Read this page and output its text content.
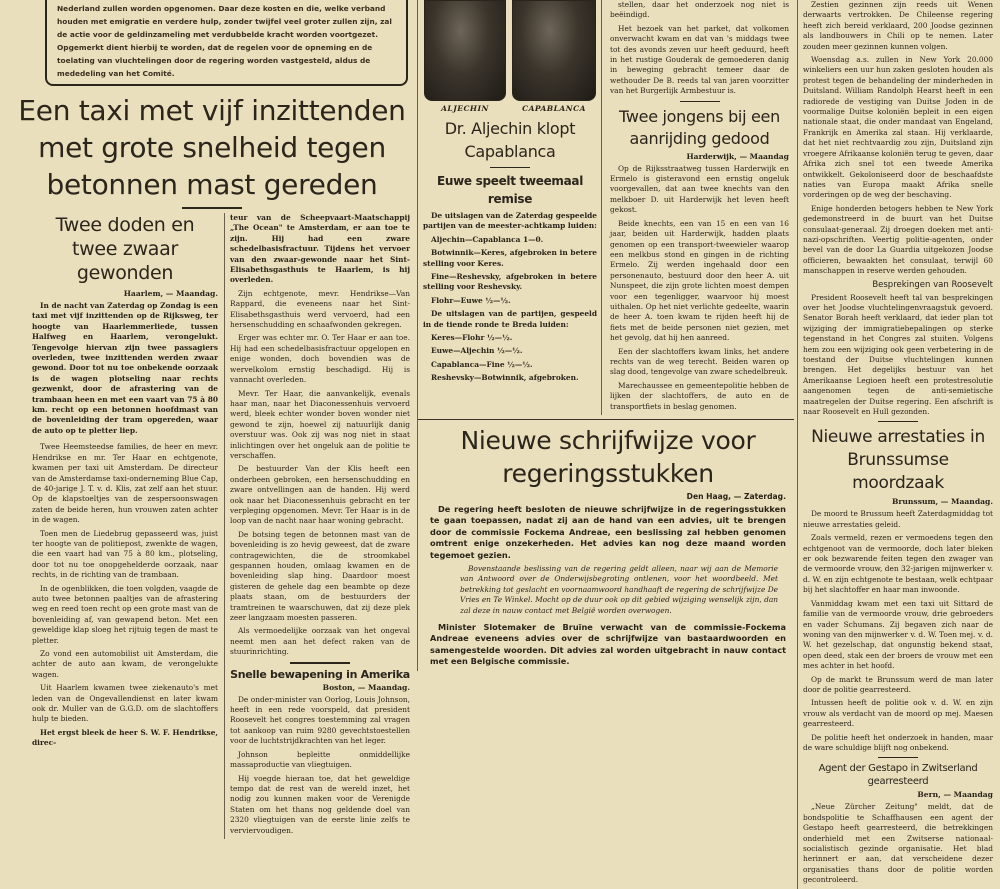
Nederland zullen worden opgenomen. Daar deze kosten en die, welke verband houden met emigratie en verdere hulp, zonder twijfel veel groter zullen zijn, zal de actie voor de geldinzameling met verdubbelde kracht worden voortgezet. Opgemerkt dient hierbij te worden, dat de regelen voor de opneming en de toelating van vluchtelingen door de regering worden vastgesteld, aldus de mededeling van het Comité.

Een taxi met vijf inzittenden met grote snelheid tegen betonnen mast gereden
Twee doden en twee zwaar gewonden
Haarlem, — Maandag.

In de nacht van Zaterdag op Zondag is een taxi met vijf inzittenden op de Rijksweg, ter hoogte van Haarlemmerliede, tussen Halfweg en Haarlem, verongelukt. Tengevolge hiervan zijn twee passagiers overleden, twee inzittenden werden zwaar gewond. Door tot nu toe onbekende oorzaak is de wagen plotseling naar rechts gezwenkt, door de afrastering van de trambaan heen en met een vaart van 75 à 80 km. recht op een betonnen hoofdmast van de bovenleiding der tram opgereden, waar de auto op te pletter liep.

Twee Heemsteedse families, de heer en mevr. Hendrikse en mr. Ter Haar en echtgenote, kwamen per taxi uit Amsterdam. De directeur van de Amsterdamse taxi-onderneming Blue Cap, de 40-jarige J. T. v. d. Klis, zat zelf aan het stuur. Op de klapstoeltjes van de zespersoonswagen zaten de beide heren, hun vrouwen zaten achter in de wagen.

Toen men de Liedebrug gepasseerd was, juist ter hoogte van de politiepost, zwenkte de wagen, die een vaart had van 75 à 80 km., plotseling, door tot nu toe onopgehelderde oorzaak, naar rechts, in de richting van de trambaan.

In de ogenblikken, die toen volgden, vaagde de auto twee betonnen paaltjes van de afrastering weg en reed toen recht op een grote mast van de bovenleiding af, van gewapend beton. Met een geweldige klap sloeg het rijtuig tegen de mast te pletter.

Zo vond een automobilist uit Amsterdam, die achter de auto aan kwam, de verongelukte wagen.

Uit Haarlem kwamen twee ziekenauto's met leden van de Ongevallendienst en later kwam ook dr. Muller van de G.G.D. om de slachtoffers hulp te bieden.

Het ergst bleek de heer S. W. F. Hendrikse, direc-

teur van de Scheepvaart-Maatschappij „The Ocean" te Amsterdam, er aan toe te zijn. Hij had een zware schedelbasisfractuur. Tijdens het vervoer van den zwaar-gewonde naar het Sint-Elisabethsgasthuis te Haarlem, is hij overleden.

Zijn echtgenote, mevr. Hendrikse—Van Rappard, die eveneens naar het Sint-Elisabethsgasthuis werd vervoerd, had een hersenschudding en schaafwonden gekregen.

Erger was echter mr. O. Ter Haar er aan toe. Hij had een schedelbasisfractuur opgelopen en enige wonden, doch bovendien was de wervelkolom ernstig beschadigd. Hij is vannacht overleden.

Mevr. Ter Haar, die aanvankelijk, evenals haar man, naar het Diaconessenhuis vervoerd werd, bleek echter wonder boven wonder niet gewond te zijn, hoewel zij natuurlijk danig overstuur was. Ook zij was nog niet in staat inlichtingen over het ongeluk aan de politie te verschaffen.

De bestuurder Van der Klis heeft een onderbeen gebroken, een hersenschudding en zware ontvellingen aan de handen. Hij werd ook naar het Diaconessenhuis gebracht en ter verpleging opgenomen. Mevr. Ter Haar is in de loop van de nacht naar haar woning gebracht.

De botsing tegen de betonnen mast van de bovenleiding is zo hevig geweest, dat de zware contragewichten, die de stroomkabel gespannen houden, omlaag kwamen en de bovenleiding slap hing. Daardoor moest gisteren de gehele dag een beambte op deze plaats staan, om de bestuurders der tramtreinen te waarschuwen, dat zij deze plek zeer langzaam moesten passeren.

Als vermoedelijke oorzaak van het ongeval neemt men aan het defect raken van de stuurinrichting.

Snelle bewapening in Amerika
Boston, — Maandag.

De onder-minister van Oorlog, Louis Johnson, heeft in een rede voorspeld, dat president Roosevelt het congres toestemming zal vragen tot aankoop van ruim 9280 gevechtstoestellen voor de luchtstrijdkrachten van het leger.

Johnson bepleitte onmiddellijke massaproductie van vliegtuigen.

Hij voegde hieraan toe, dat het geweldige tempo dat de rest van de wereld inzet, het nodig zou kunnen maken voor de Verenigde Staten om het thans nog geldende doel van 2320 vliegtuigen van de eerste linie zelfs te verviervoudigen.

ALJECHIN	CAPABLANCA
Dr. Aljechin klopt Capablanca
Euwe speelt tweemaal remise

De uitslagen van de Zaterdag gespeelde partijen van de meester-achtkamp luiden:

Aljechin—Capablanca 1—0.

Botwinnik—Keres, afgebroken in betere stelling voor Keres.

Fine—Reshevsky, afgebroken in betere stelling voor Reshevsky.

Flohr—Euwe ½—½.

De uitslagen van de partijen, gespeeld in de tiende ronde te Breda luiden:

Keres—Flohr ½—½.

Euwe—Aljechin ½—½.

Capablanca—Fine ½—½.

Reshevsky—Botwinnik, afgebroken.

stellen, daar het onderzoek nog niet is beëindigd.

Het bezoek van het parket, dat volkomen onverwacht kwam en dat van 's middags twee tot des avonds zeven uur heeft geduurd, heeft in het rustige Gouderak de gemoederen danig in beweging gebracht temeer daar de wethouder De B. reeds tal van jaren voorzitter van het Burgerlijk Armbestuur is.

Twee jongens bij een aanrijding gedood
Harderwijk, — Maandag

Op de Rijksstraatweg tussen Harderwijk en Ermelo is gisteravond een ernstig ongeluk voorgevallen, dat aan twee knechts van den melkboer D. uit Harderwijk het leven heeft gekost.

Beide knechts, een van 15 en een van 16 jaar, beiden uit Harderwijk, hadden plaats genomen op een transport-tweewieler waarop een melkbus stond en gingen in de richting Ermelo. Zij werden ingehaald door een personenauto, bestuurd door den heer A. uit Nunspeet, die zijn grote lichten moest dempen voor een tegenligger, waarvoor hij moest uithalen. Op het niet verlichte gedeelte, waarin de heer A. toen kwam te rijden heeft hij de fiets met de beide personen niet gezien, met het gevolg, dat hij hen aanreed.

Een der slachtoffers kwam links, het andere rechts van de weg terecht. Beiden waren op slag dood, tengevolge van zware schedelbreuk.

Marechaussee en gemeentepolitie hebben de lijken der slachtoffers, de auto en de transportfiets in beslag genomen.

Nieuwe schrijfwijze voor regeringsstukken
Den Haag, — Zaterdag.

De regering heeft besloten de nieuwe schrijfwijze in de regeringsstukken te gaan toepassen, nadat zij aan de hand van een advies, uit te brengen door de commissie Fockema Andreae, een beslissing zal hebben genomen omtrent enige onzekerheden. Het advies kan nog deze maand worden tegemoet gezien.

Bovenstaande beslissing van de regering geldt alleen, naar wij aan de Memorie van Antwoord over de Onderwijsbegroting ontlenen, voor het woordbeeld. Met betrekking tot geslacht en voornaamwoord handhaaft de regering de schrijfwijze De Vries en Te Winkel. Mocht op de duur ook op dit gebied wijziging wenselijk zijn, dan zal deze in nauw contact met België worden overwogen.

Minister Slotemaker de Bruïne verwacht van de commissie-Fockema Andreae eveneens advies over de schrijfwijze van bastaardwoorden en samengestelde woorden. Dit advies zal worden uitgebracht in nauw contact met een Belgische commissie.

Zestien gezinnen zijn reeds uit Wenen derwaarts vertrokken. De Chileense regering heeft zich bereid verklaard, 200 Joodse gezinnen als landbouwers in Chili op te nemen. Later zouden meer gezinnen kunnen volgen.

Woensdag a.s. zullen in New York 20.000 winkeliers een uur hun zaken gesloten houden als protest tegen de behandeling der minderheden in Duitsland. William Randolph Hearst heeft in een radiorede de vestiging van Duitse Joden in de voormalige Duitse koloniën bepleit in een eigen nationale staat, die onder mandaat van Engeland, Frankrijk en Amerika zal staan. Hij verklaarde, dat het niet rechtvaardig zou zijn, Duitsland zijn vroegere Afrikaanse koloniën terug te geven, daar Afrika zich snel tot een tweede Amerika ontwikkelt. Gekoloniseerd door de beschaafdste naties van Europa maakt Afrika snelle vorderingen op de weg der beschaving.

Enige honderden betogers hebben te New York gedemonstreerd in de buurt van het Duitse consulaat-generaal. Zij droegen doeken met anti-nazi-opschriften. Veertig politie-agenten, onder bevel van de door La Guardia uitgekozen Joodse officieren, bewaakten het consulaat, terwijl 60 manschappen in reserve werden gehouden.

Besprekingen van Roosevelt

President Roosevelt heeft tal van besprekingen over het Joodse vluchtelingenvraagstuk gevoerd. Senator Borah heeft verklaard, dat ieder plan tot wijziging der immigratiebepalingen op sterke tegenstand in het Congres zal stuiten. Volgens hem zou een wijziging ook geen verbetering in de toestand der Duitse vluchtelingen kunnen brengen. Het degelijks bestuur van het Amerikaanse Legioen heeft een protestresolutie aangenomen tegen de anti-semietische maatregelen der Duitse regering. Een afschrift is naar Roosevelt en Hull gezonden.

Nieuwe arrestaties in Brunssumse moordzaak
Brunssum, — Maandag.

De moord te Brussum heeft Zaterdagmiddag tot nieuwe arrestaties geleid.

Zoals vermeld, rezen er vermoedens tegen den echtgenoot van de vermoorde, doch later bleken er ook bezwarende feiten tegen den zwager van de vermoorde vrouw, den 32-jarigen mijnwerker v. d. W. en zijn echtgenote te bestaan, welk echtpaar bij het slachtoffer en haar man inwoonde.

Vanmiddag kwam met een taxi uit Sittard de familie van de vermoorde vrouw, drie gebroeders en vader Schumans. Zij begaven zich naar de woning van den mijnwerker v. d. W. Toen mej. v. d. W. het gezelschap, dat ongunstig bekend staat, open deed, stak een der broers de vrouw met een mes achter in het hoofd.

Op de markt te Brunssum werd de man later door de politie gearresteerd.

Intussen heeft de politie ook v. d. W. en zijn vrouw als verdacht van de moord op mej. Maesen gearresteerd.

De politie heeft het onderzoek in handen, maar de ware schuldige blijft nog onbekend.

Agent der Gestapo in Zwitserland gearresteerd
Bern, — Maandag

„Neue Zürcher Zeitung" meldt, dat de bondspolitie te Schaffhausen een agent der Gestapo heeft gearresteerd, die betrekkingen onderhield met een Zwitserse nationaal-socialistisch gezinde organisatie. Het blad herinnert er aan, dat verscheidene dezer organisaties thans door de politie worden gecontroleerd.
